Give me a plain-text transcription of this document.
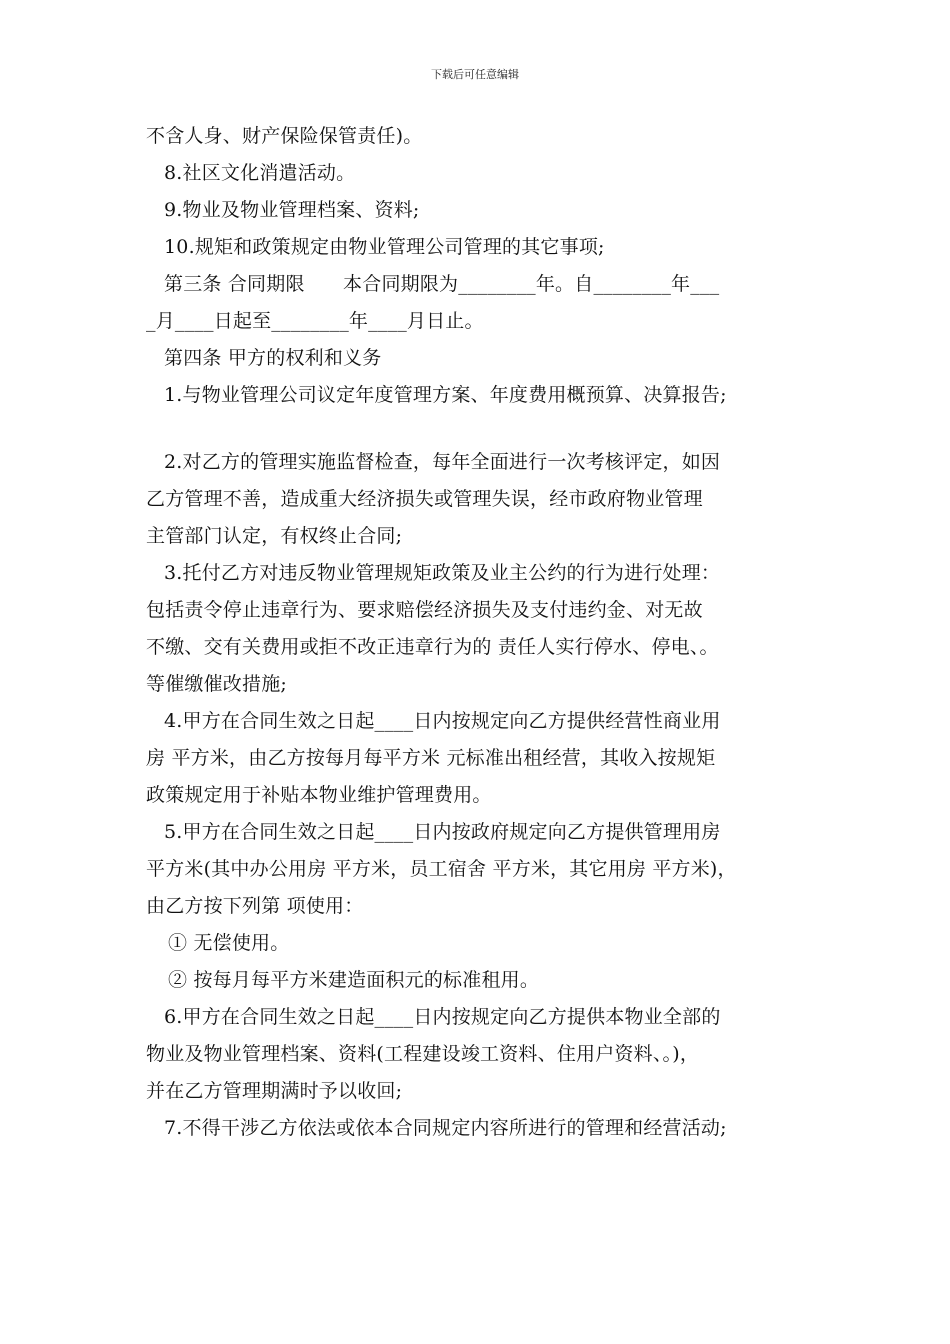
下载后可任意编辑

不含人身、财产保险保管责任)。

8.社区文化消遣活动。

9.物业及物业管理档案、资料;

10.规矩和政策规定由物业管理公司管理的其它事项;

第三条 合同期限　　本合同期限为________年。自________年___

_月____日起至________年____月日止。

第四条 甲方的权利和义务

1.与物业管理公司议定年度管理方案、年度费用概预算、决算报告;

2.对乙方的管理实施监督检查，每年全面进行一次考核评定，如因

乙方管理不善，造成重大经济损失或管理失误，经市政府物业管理

主管部门认定，有权终止合同;

3.托付乙方对违反物业管理规矩政策及业主公约的行为进行处理：

包括责令停止违章行为、要求赔偿经济损失及支付违约金、对无故

不缴、交有关费用或拒不改正违章行为的 责任人实行停水、停电、。

等催缴催改措施;

4.甲方在合同生效之日起____日内按规定向乙方提供经营性商业用

房 平方米，由乙方按每月每平方米 元标准出租经营，其收入按规矩

政策规定用于补贴本物业维护管理费用。

5.甲方在合同生效之日起____日内按政府规定向乙方提供管理用房

平方米(其中办公用房 平方米，员工宿舍 平方米，其它用房 平方米)，

由乙方按下列第 项使用：

① 无偿使用。

② 按每月每平方米建造面积元的标准租用。

6.甲方在合同生效之日起____日内按规定向乙方提供本物业全部的

物业及物业管理档案、资料(工程建设竣工资料、住用户资料、。)，

并在乙方管理期满时予以收回;

7.不得干涉乙方依法或依本合同规定内容所进行的管理和经营活动;
